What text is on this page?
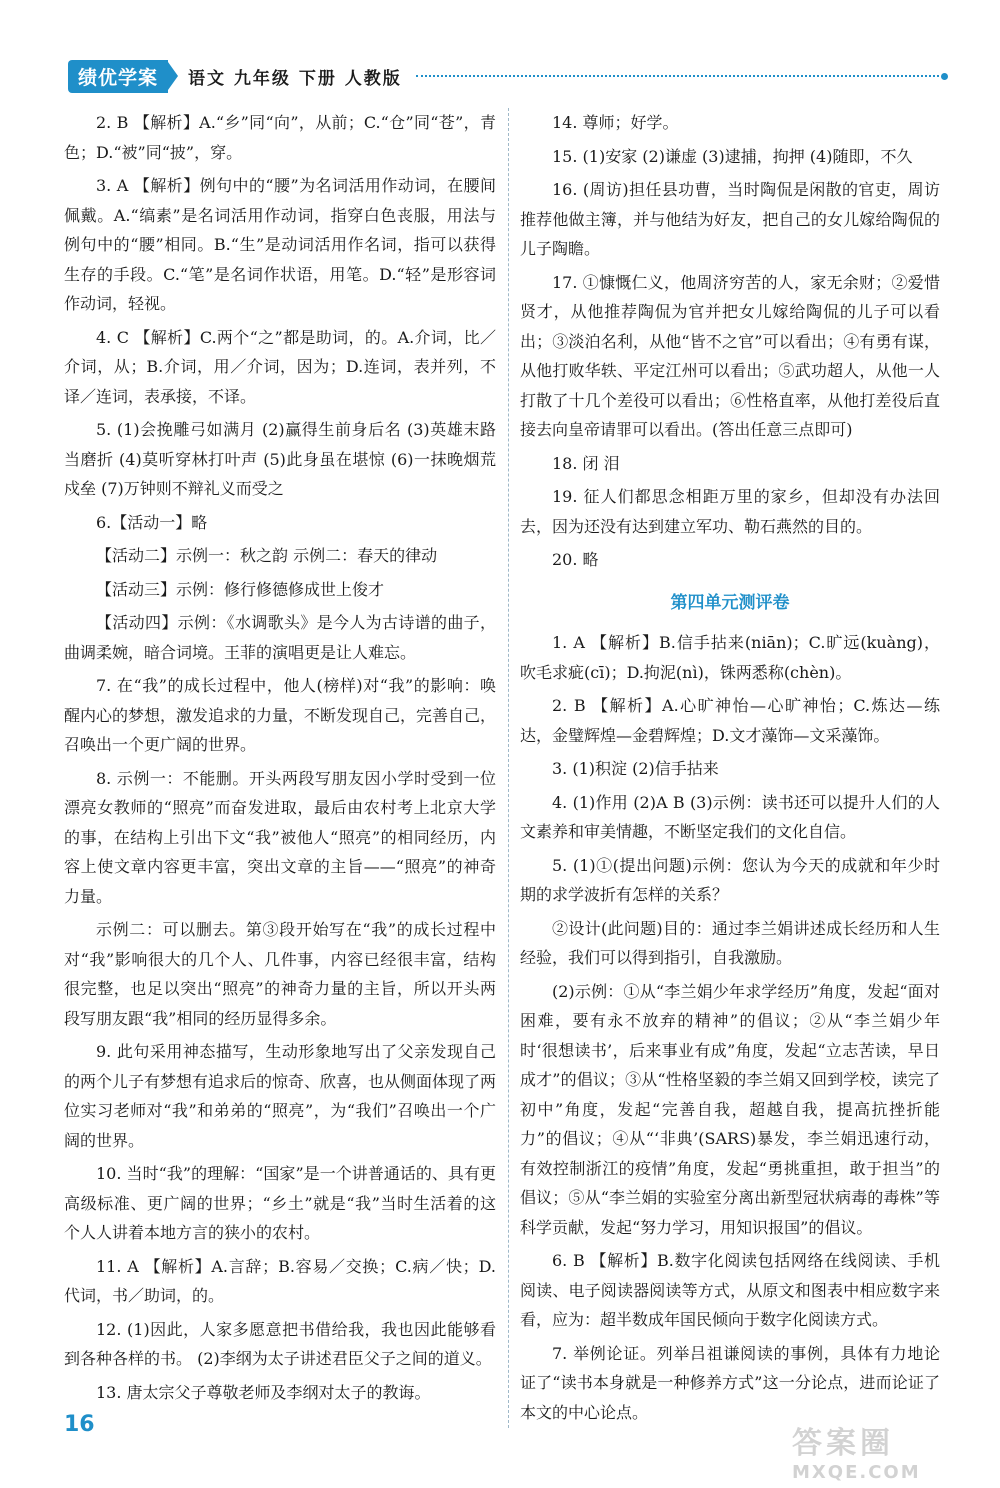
绩优学案	语文 九年级 下册 人教版

2. B 【解析】A.“乡”同“向”，从前；C.“仓”同“苍”，青色；D.“被”同“披”，穿。

3. A 【解析】例句中的“腰”为名词活用作动词，在腰间佩戴。A.“缟素”是名词活用作动词，指穿白色丧服，用法与例句中的“腰”相同。B.“生”是动词活用作名词，指可以获得生存的手段。C.“笔”是名词作状语，用笔。D.“轻”是形容词作动词，轻视。

4. C 【解析】C.两个“之”都是助词，的。A.介词，比／介词，从；B.介词，用／介词，因为；D.连词，表并列，不译／连词，表承接，不译。

5. (1)会挽雕弓如满月 (2)赢得生前身后名 (3)英雄末路当磨折 (4)莫听穿林打叶声 (5)此身虽在堪惊 (6)一抹晚烟荒戍垒 (7)万钟则不辩礼义而受之

6.【活动一】略

【活动二】示例一：秋之韵 示例二：春天的律动

【活动三】示例：修行修德修成世上俊才

【活动四】示例：《水调歌头》是今人为古诗谱的曲子，曲调柔婉，暗合词境。王菲的演唱更是让人难忘。

7. 在“我”的成长过程中，他人(榜样)对“我”的影响：唤醒内心的梦想，激发追求的力量，不断发现自己，完善自己，召唤出一个更广阔的世界。

8. 示例一：不能删。开头两段写朋友因小学时受到一位漂亮女教师的“照亮”而奋发进取，最后由农村考上北京大学的事，在结构上引出下文“我”被他人“照亮”的相同经历，内容上使文章内容更丰富，突出文章的主旨——“照亮”的神奇力量。

示例二：可以删去。第③段开始写在“我”的成长过程中对“我”影响很大的几个人、几件事，内容已经很丰富，结构很完整，也足以突出“照亮”的神奇力量的主旨，所以开头两段写朋友跟“我”相同的经历显得多余。

9. 此句采用神态描写，生动形象地写出了父亲发现自己的两个儿子有梦想有追求后的惊奇、欣喜，也从侧面体现了两位实习老师对“我”和弟弟的“照亮”，为“我们”召唤出一个广阔的世界。

10. 当时“我”的理解：“国家”是一个讲普通话的、具有更高级标准、更广阔的世界；“乡土”就是“我”当时生活着的这个人人讲着本地方言的狭小的农村。

11. A 【解析】A.言辞；B.容易／交换；C.病／快；D.代词，书／助词，的。

12. (1)因此，人家多愿意把书借给我，我也因此能够看到各种各样的书。 (2)李纲为太子讲述君臣父子之间的道义。

13. 唐太宗父子尊敬老师及李纲对太子的教诲。

14. 尊师；好学。

15. (1)安家 (2)谦虚 (3)逮捕，拘押 (4)随即，不久

16. (周访)担任县功曹，当时陶侃是闲散的官吏，周访推荐他做主簿，并与他结为好友，把自己的女儿嫁给陶侃的儿子陶瞻。

17. ①慷慨仁义，他周济穷苦的人，家无余财；②爱惜贤才，从他推荐陶侃为官并把女儿嫁给陶侃的儿子可以看出；③淡泊名利，从他“皆不之官”可以看出；④有勇有谋，从他打败华轶、平定江州可以看出；⑤武功超人，从他一人打散了十几个差役可以看出；⑥性格直率，从他打差役后直接去向皇帝请罪可以看出。(答出任意三点即可)

18. 闭 泪

19. 征人们都思念相距万里的家乡，但却没有办法回去，因为还没有达到建立军功、勒石燕然的目的。

20. 略

第四单元测评卷

1. A 【解析】B.信手拈来(niān)；C.旷远(kuàng)，吹毛求疵(cī)；D.拘泥(nì)，铢两悉称(chèn)。

2. B 【解析】A.心旷神怡—心旷神怡；C.炼达—练达，金璧辉煌—金碧辉煌；D.文才藻饰—文采藻饰。

3. (1)积淀 (2)信手拈来

4. (1)作用 (2)A B (3)示例：读书还可以提升人们的人文素养和审美情趣，不断坚定我们的文化自信。

5. (1)①(提出问题)示例：您认为今天的成就和年少时期的求学波折有怎样的关系？

②设计(此问题)目的：通过李兰娟讲述成长经历和人生经验，我们可以得到指引，自我激励。

(2)示例：①从“李兰娟少年求学经历”角度，发起“面对困难，要有永不放弃的精神”的倡议；②从“李兰娟少年时‘很想读书’，后来事业有成”角度，发起“立志苦读，早日成才”的倡议；③从“性格坚毅的李兰娟又回到学校，读完了初中”角度，发起“完善自我，超越自我，提高抗挫折能力”的倡议；④从“‘非典’(SARS)暴发，李兰娟迅速行动，有效控制浙江的疫情”角度，发起“勇挑重担，敢于担当”的倡议；⑤从“李兰娟的实验室分离出新型冠状病毒的毒株”等科学贡献，发起“努力学习，用知识报国”的倡议。

6. B 【解析】B.数字化阅读包括网络在线阅读、手机阅读、电子阅读器阅读等方式，从原文和图表中相应数字来看，应为：超半数成年国民倾向于数字化阅读方式。

7. 举例论证。列举吕祖谦阅读的事例，具体有力地论证了“读书本身就是一种修养方式”这一分论点，进而论证了本文的中心论点。

16
答案圈
MXQE.COM
